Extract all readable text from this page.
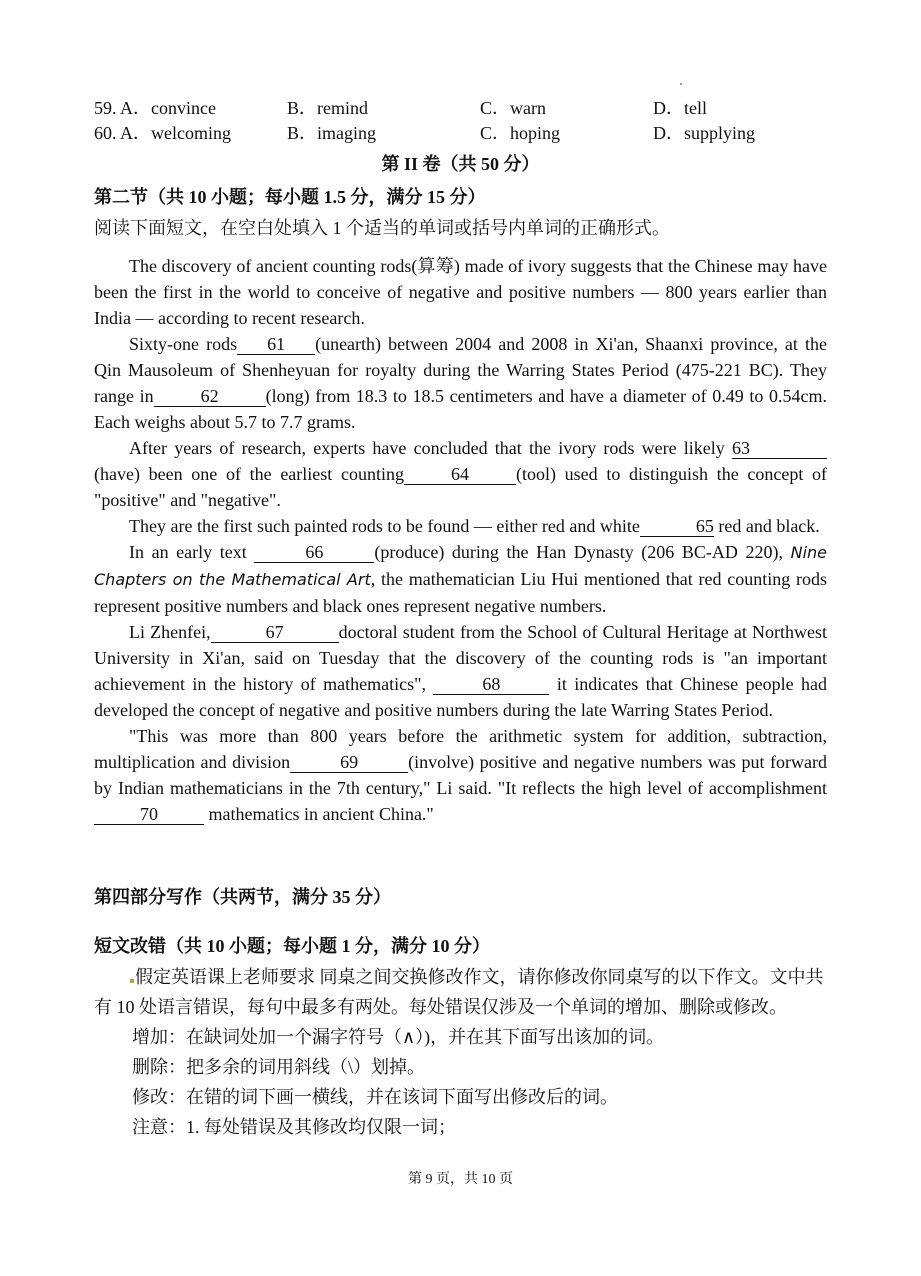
59. A．convince	B．remind	C．warn	D．tell
60. A．welcoming	B．imaging	C．hoping	D．supplying
第 II 卷（共 50 分）
第二节（共 10 小题；每小题 1.5 分，满分 15 分）
阅读下面短文，在空白处填入 1 个适当的单词或括号内单词的正确形式。

The discovery of ancient counting rods(算筹) made of ivory suggests that the Chinese may have been the first in the world to conceive of negative and positive numbers — 800 years earlier than India — according to recent research.

Sixty-one rods 61 (unearth) between 2004 and 2008 in Xi'an, Shaanxi province, at the Qin Mausoleum of Shenheyuan for royalty during the Warring States Period (475-221 BC). They range in	62	(long) from 18.3 to 18.5 centimeters and have a diameter of 0.49 to 0.54cm. Each weighs about 5.7 to 7.7 grams.

After years of research, experts have concluded that the ivory rods were likely 63(have) been one of the earliest counting	64	(tool) used to distinguish the concept of "positive" and "negative".

They are the first such painted rods to be found — either red and white	65 red and black.

In an early text	66	(produce) during the Han Dynasty (206 BC-AD 220), Nine Chapters on the Mathematical Art, the mathematician Liu Hui mentioned that red counting rods represent positive numbers and black ones represent negative numbers.

Li Zhenfei,	67	doctoral student from the School of Cultural Heritage at Northwest University in Xi'an, said on Tuesday that the discovery of the counting rods is "an important achievement in the history of mathematics",	68	it indicates that Chinese people had developed the concept of negative and positive numbers during the late Warring States Period.

"This was more than 800 years before the arithmetic system for addition, subtraction, multiplication and division	69	(involve) positive and negative numbers was put forward by Indian mathematicians in the 7th century," Li said. "It reflects the high level of accomplishment70	mathematics in ancient China."

第四部分写作（共两节，满分 35 分）
短文改错（共 10 小题；每小题 1 分，满分 10 分）

假定英语课上老师要求 同桌之间交换修改作文，请你修改你同桌写的以下作文。文中共有 10 处语言错误，每句中最多有两处。每处错误仅涉及一个单词的增加、删除或修改。

增加：在缺词处加一个漏字符号（∧）)，并在其下面写出该加的词。

删除：把多余的词用斜线（\）划掉。

修改：在错的词下画一横线，并在该词下面写出修改后的词。

注意：1. 每处错误及其修改均仅限一词；

第 9 页，共 10 页
